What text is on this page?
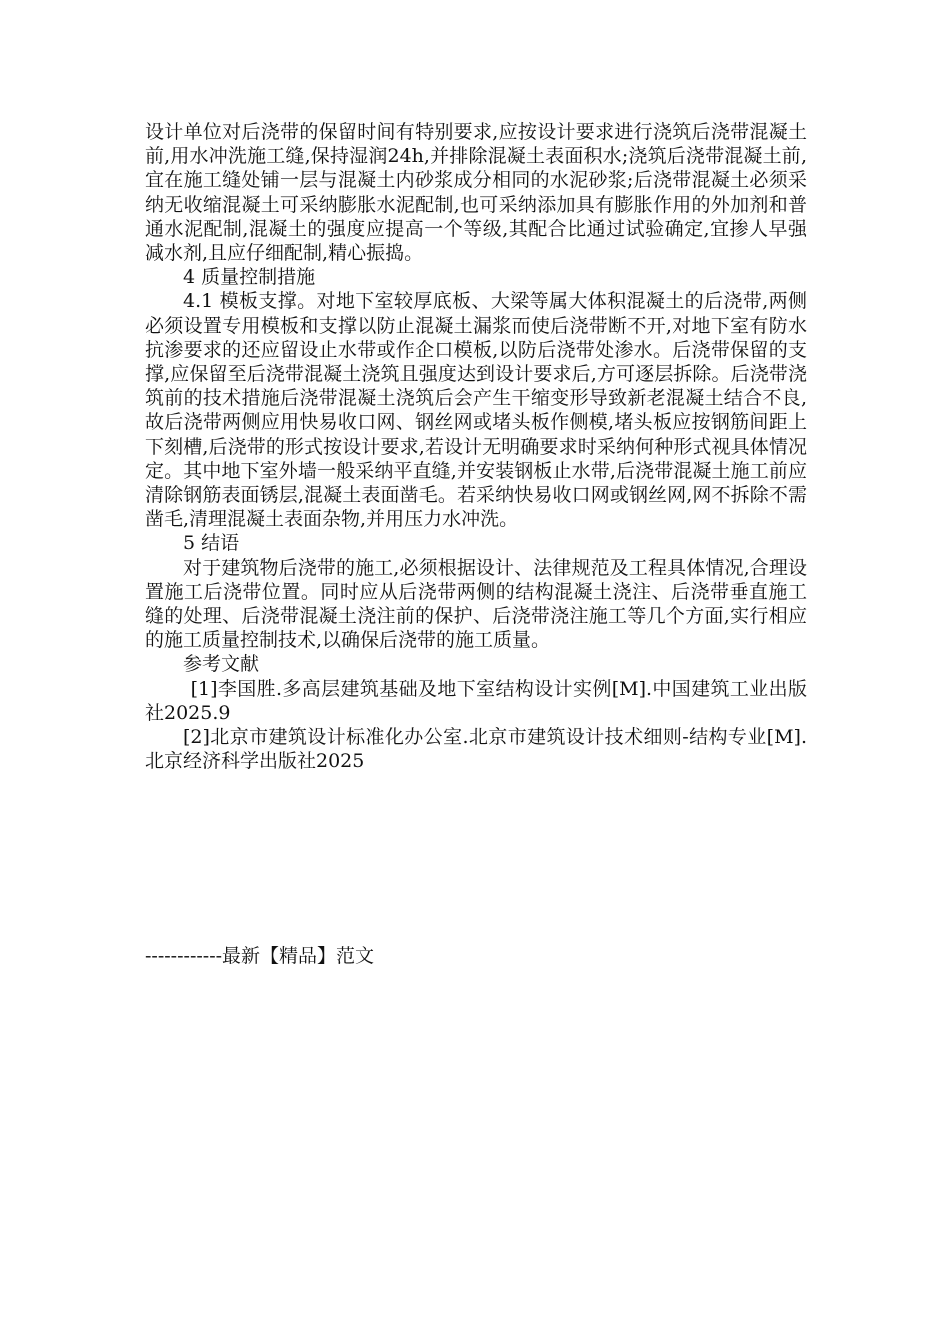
设计单位对后浇带的保留时间有特别要求,应按设计要求进行浇筑后浇带混凝土前,用水冲洗施工缝,保持湿润24h,并排除混凝土表面积水;浇筑后浇带混凝土前,宜在施工缝处铺一层与混凝土内砂浆成分相同的水泥砂浆;后浇带混凝土必须采纳无收缩混凝土可采纳膨胀水泥配制,也可采纳添加具有膨胀作用的外加剂和普通水泥配制,混凝土的强度应提高一个等级,其配合比通过试验确定,宜掺人早强减水剂,且应仔细配制,精心振捣。

4 质量控制措施

4.1 模板支撑。对地下室较厚底板、大梁等属大体积混凝土的后浇带,两侧必须设置专用模板和支撑以防止混凝土漏浆而使后浇带断不开,对地下室有防水抗渗要求的还应留设止水带或作企口模板,以防后浇带处渗水。后浇带保留的支撑,应保留至后浇带混凝土浇筑且强度达到设计要求后,方可逐层拆除。后浇带浇筑前的技术措施后浇带混凝土浇筑后会产生干缩变形导致新老混凝土结合不良,故后浇带两侧应用快易收口网、钢丝网或堵头板作侧模,堵头板应按钢筋间距上下刻槽,后浇带的形式按设计要求,若设计无明确要求时采纳何种形式视具体情况定。其中地下室外墙一般采纳平直缝,并安装钢板止水带,后浇带混凝土施工前应清除钢筋表面锈层,混凝土表面凿毛。若采纳快易收口网或钢丝网,网不拆除不需凿毛,清理混凝土表面杂物,并用压力水冲洗。

5 结语

对于建筑物后浇带的施工,必须根据设计、法律规范及工程具体情况,合理设置施工后浇带位置。同时应从后浇带两侧的结构混凝土浇注、后浇带垂直施工缝的处理、后浇带混凝土浇注前的保护、后浇带浇注施工等几个方面,实行相应的施工质量控制技术,以确保后浇带的施工质量。

参考文献

[1]李国胜.多高层建筑基础及地下室结构设计实例[M].中国建筑工业出版社2025.9

[2]北京市建筑设计标准化办公室.北京市建筑设计技术细则-结构专业[M].北京经济科学出版社2025

------------最新【精品】范文
